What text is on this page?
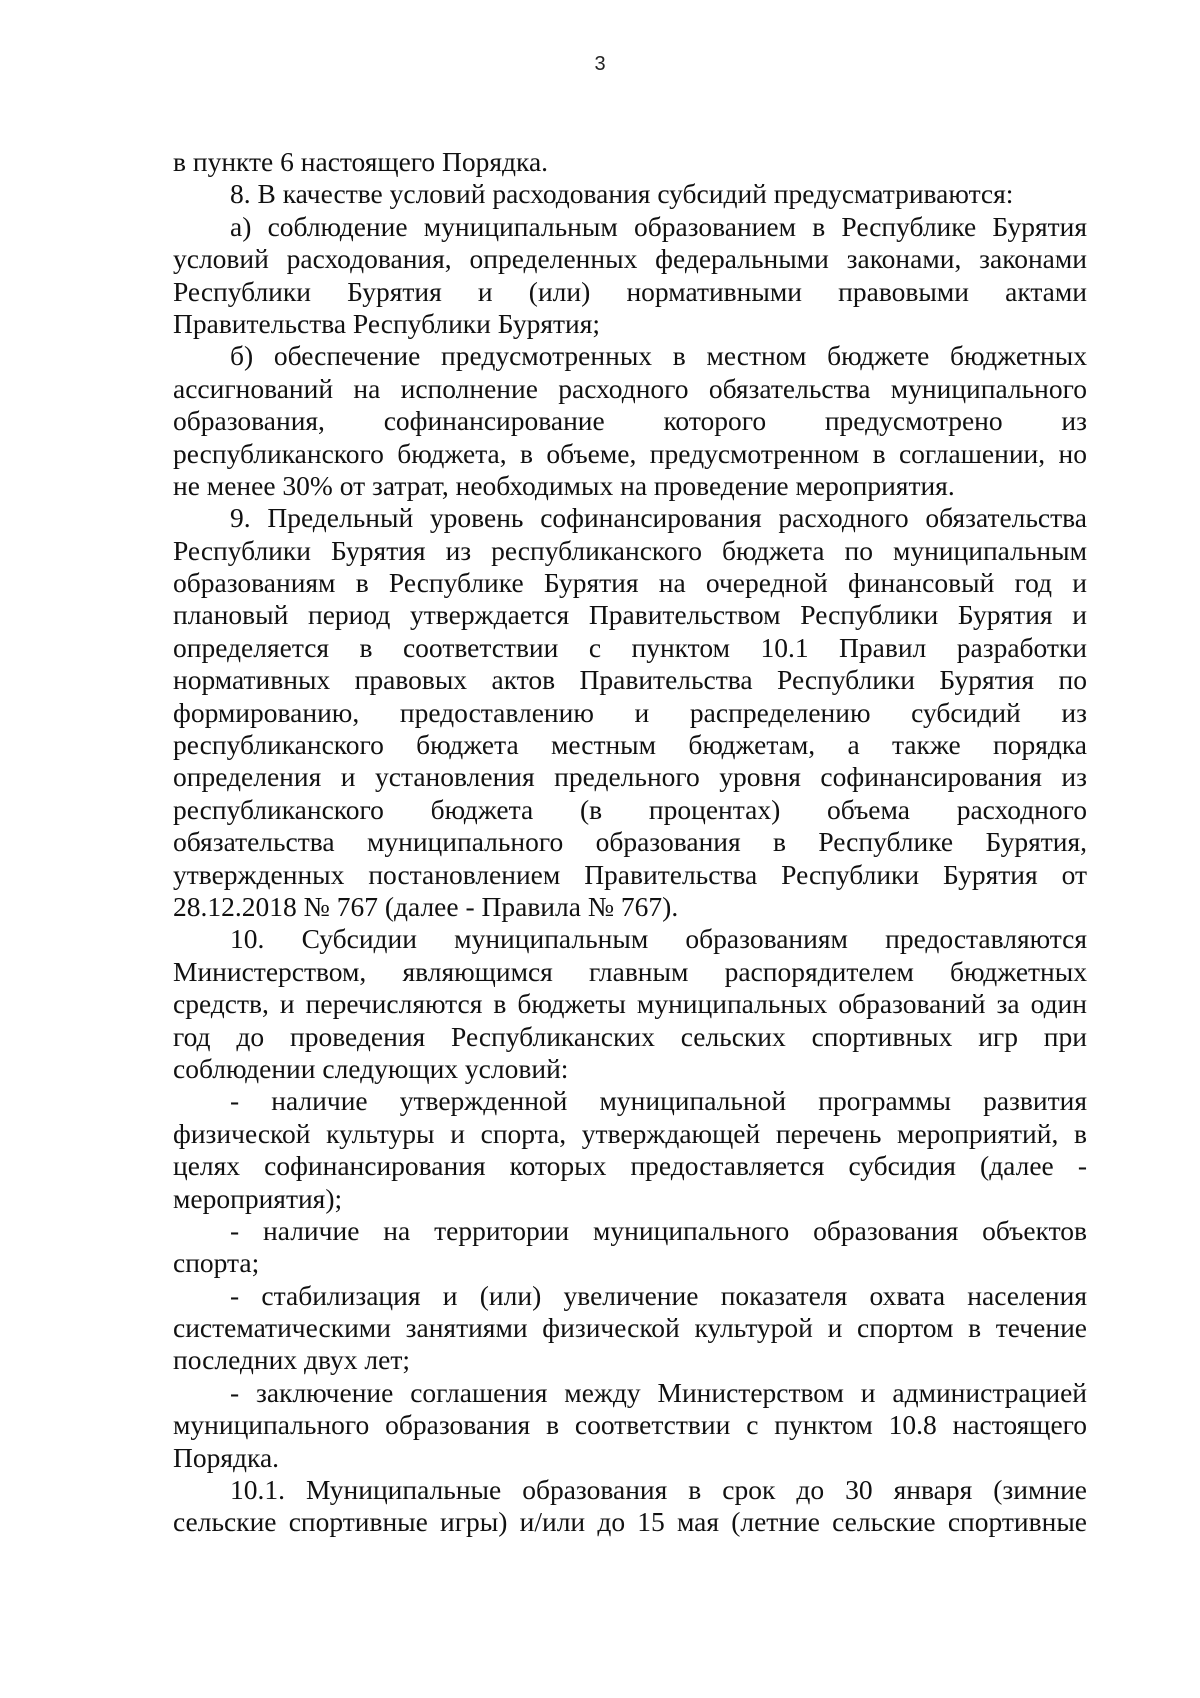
3
в пункте 6 настоящего Порядка.
8. В качестве условий расходования субсидий предусматриваются:
а) соблюдение муниципальным образованием в Республике Бурятия
условий расходования, определенных федеральными законами, законами
Республики Бурятия и (или) нормативными правовыми актами
Правительства Республики Бурятия;
б) обеспечение предусмотренных в местном бюджете бюджетных
ассигнований на исполнение расходного обязательства муниципального
образования, софинансирование которого предусмотрено из
республиканского бюджета, в объеме, предусмотренном в соглашении, но
не менее 30% от затрат, необходимых на проведение мероприятия.
9. Предельный уровень софинансирования расходного обязательства
Республики Бурятия из республиканского бюджета по муниципальным
образованиям в Республике Бурятия на очередной финансовый год и
плановый период утверждается Правительством Республики Бурятия и
определяется в соответствии с пунктом 10.1 Правил разработки
нормативных правовых актов Правительства Республики Бурятия по
формированию, предоставлению и распределению субсидий из
республиканского бюджета местным бюджетам, а также порядка
определения и установления предельного уровня софинансирования из
республиканского бюджета (в процентах) объема расходного
обязательства муниципального образования в Республике Бурятия,
утвержденных постановлением Правительства Республики Бурятия от
28.12.2018 № 767 (далее - Правила № 767).
10. Субсидии муниципальным образованиям предоставляются
Министерством, являющимся главным распорядителем бюджетных
средств, и перечисляются в бюджеты муниципальных образований за один
год до проведения Республиканских сельских спортивных игр при
соблюдении следующих условий:
- наличие утвержденной муниципальной программы развития
физической культуры и спорта, утверждающей перечень мероприятий, в
целях софинансирования которых предоставляется субсидия (далее -
мероприятия);
- наличие на территории муниципального образования объектов
спорта;
- стабилизация и (или) увеличение показателя охвата населения
систематическими занятиями физической культурой и спортом в течение
последних двух лет;
- заключение соглашения между Министерством и администрацией
муниципального образования в соответствии с пунктом 10.8 настоящего
Порядка.
10.1. Муниципальные образования в срок до 30 января (зимние
сельские спортивные игры) и/или до 15 мая (летние сельские спортивные
